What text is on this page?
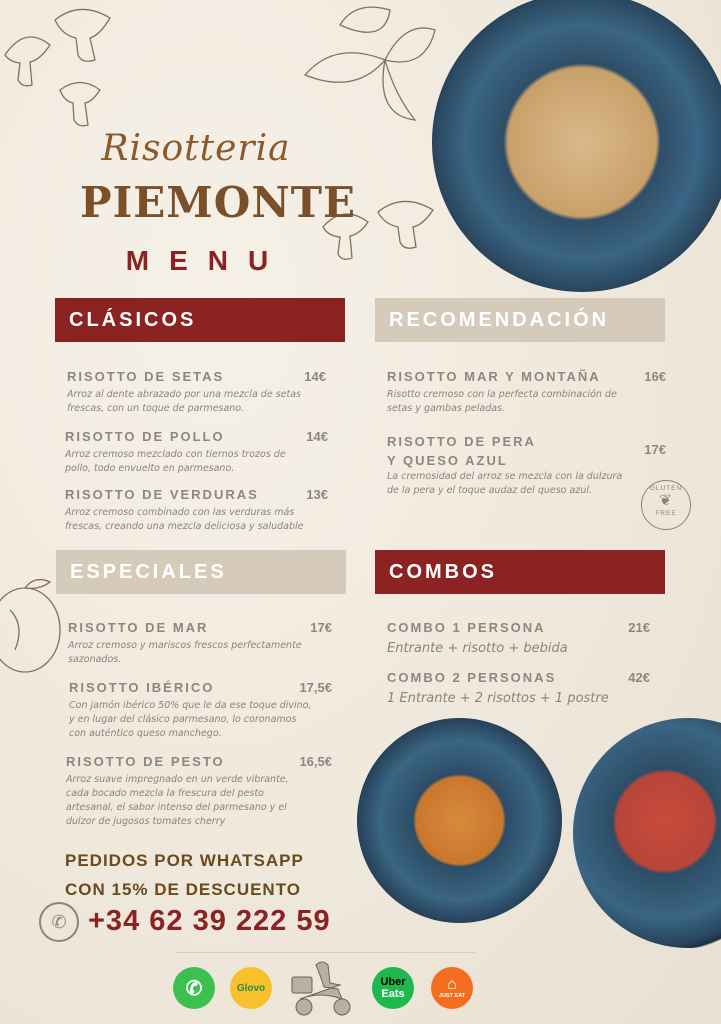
Risotteria
PIEMONTE
MENU
CLÁSICOS
RISOTTO DE SETAS	14€
Arroz al dente abrazado por una mezcla de setas
frescas, con un toque de parmesano.
RISOTTO DE POLLO	14€
Arroz cremoso mezclado con tiernos trozos de
pollo, todo envuelto en parmesano.
RISOTTO DE VERDURAS	13€
Arroz cremoso combinado con las verduras más
frescas, creando una mezcla deliciosa y saludable
RECOMENDACIÓN
RISOTTO MAR Y MONTAÑA	16€
Risotto cremoso con la perfecta combinación de
setas y gambas peladas.
RISOTTO DE PERA
Y QUESO AZUL
17€
La cremosidad del arroz se mezcla con la dulzura
de la pera y el toque audaz del queso azul.	GLUTEN
❦
FREE
ESPECIALES
RISOTTO DE MAR	17€
Arroz cremoso y mariscos frescos perfectamente
sazonados.
RISOTTO IBÉRICO	17,5€
Con jamón ibérico 50% que le da ese toque divino,
y en lugar del clásico parmesano, lo coronamos
con auténtico queso manchego.
RISOTTO DE PESTO	16,5€
Arroz suave impregnado en un verde vibrante,
cada bocado mezcla la frescura del pesto
artesanal, el sabor intenso del parmesano y el
dulzor de jugosos tomates cherry
COMBOS
COMBO 1 PERSONA	21€
Entrante + risotto + bebida
COMBO 2 PERSONAS	42€
1 Entrante + 2 risottos + 1 postre
PEDIDOS POR WHATSAPP
CON 15% DE DESCUENTO
✆ +34 62 39 222 59
✆	Glovo	Uber
Eats
⌂
JUST EAT
